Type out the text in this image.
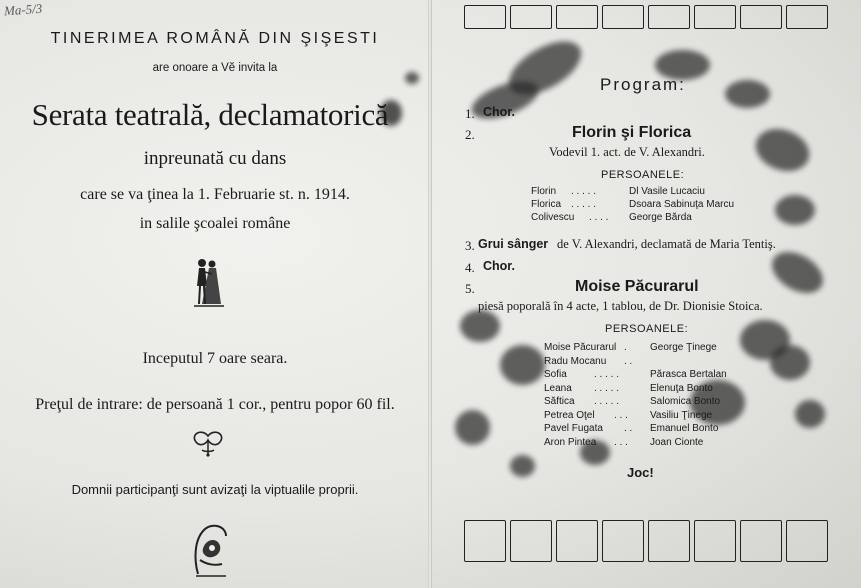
Ma-5/3
TINERIMEA ROMÂNĂ DIN ŞIŞESTI
are onoare a Vĕ invita la
Serata teatrală, declamatorică
inpreunată cu dans
care se va ţinea la 1. Februarie st. n. 1914.
in salile şcoalei române
Inceputul 7 oare seara.
Preţul de intrare: de persoană 1 cor., pentru popor 60 fil.
Domnii participanţi sunt avizaţi la viptualile proprii.
Program:
1. Chor.
2.	Florin şi Florica
Vodevil 1. act. de V. Alexandri.
PERSOANELE:
Florin	. . . . .	Dl Vasile Lucaciu
Florica . . . . .	Dsoara Sabinuţa Marcu
Colivescu	. . . .	George Bărda
3. Grui sânger de V. Alexandri, declamată de Maria Tentiş.
4. Chor.
5.	Moise Păcurarul
piesă poporală în 4 acte, 1 tablou, de Dr. Dionisie Stoica.
PERSOANELE:
Moise Păcurarul .	George Ţinege
Radu Mocanu	. .
Sofia	. . . . .	Părasca Bertalan
Leana	. . . . .	Elenuţa Bonto
Săftica	. . . . .	Salomica Bonto
Petrea Oţel	. . .	Vasiliu Ţinege
Pavel Fugata	. .	Emanuel Bonto
Aron Pintea	. . .	Joan Cionte
Joc!
